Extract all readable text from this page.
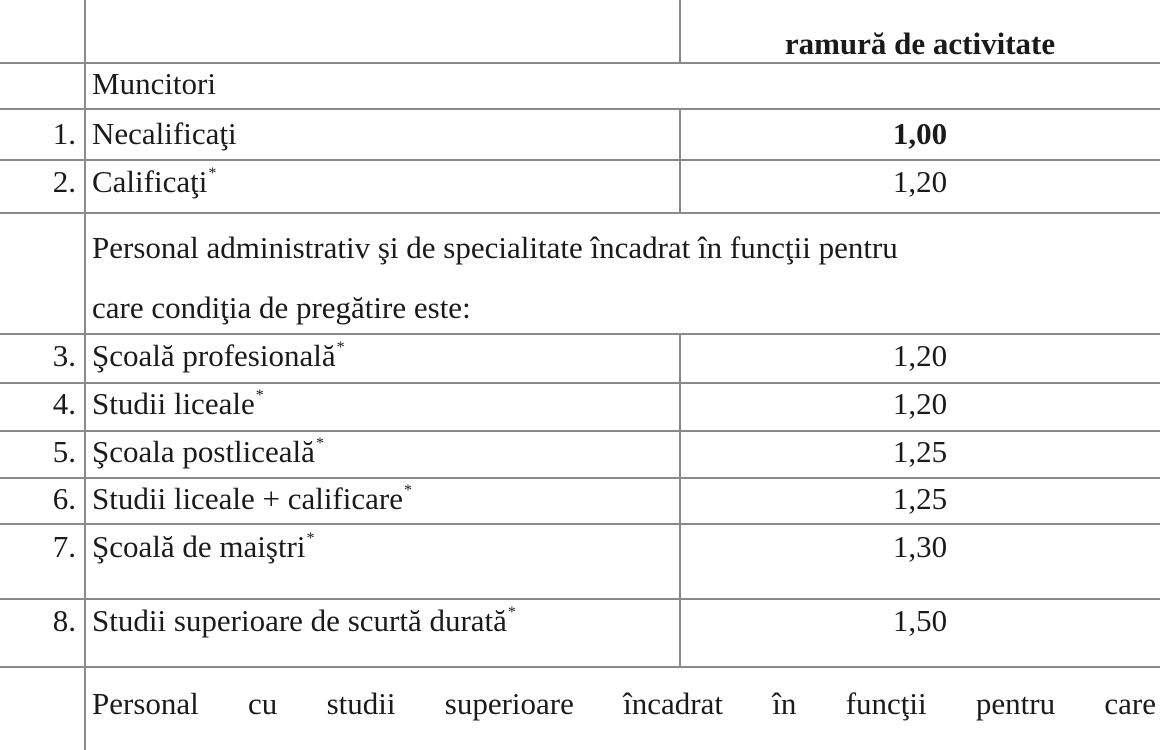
ramură de activitate
Muncitori
1. Necalificaţi	1,00
2. Calificaţi*	1,20
Personal administrativ şi de specialitate încadrat în funcţii pentru
care condiţia de pregătire este:
3. Şcoală profesională*	1,20
4. Studii liceale*	1,20
5. Şcoala postliceală*	1,25
6. Studii liceale + calificare*	1,25
7. Şcoală de maiştri*	1,30
8. Studii superioare de scurtă durată*	1,50
Personal cu studii superioare încadrat în funcţii pentru care
